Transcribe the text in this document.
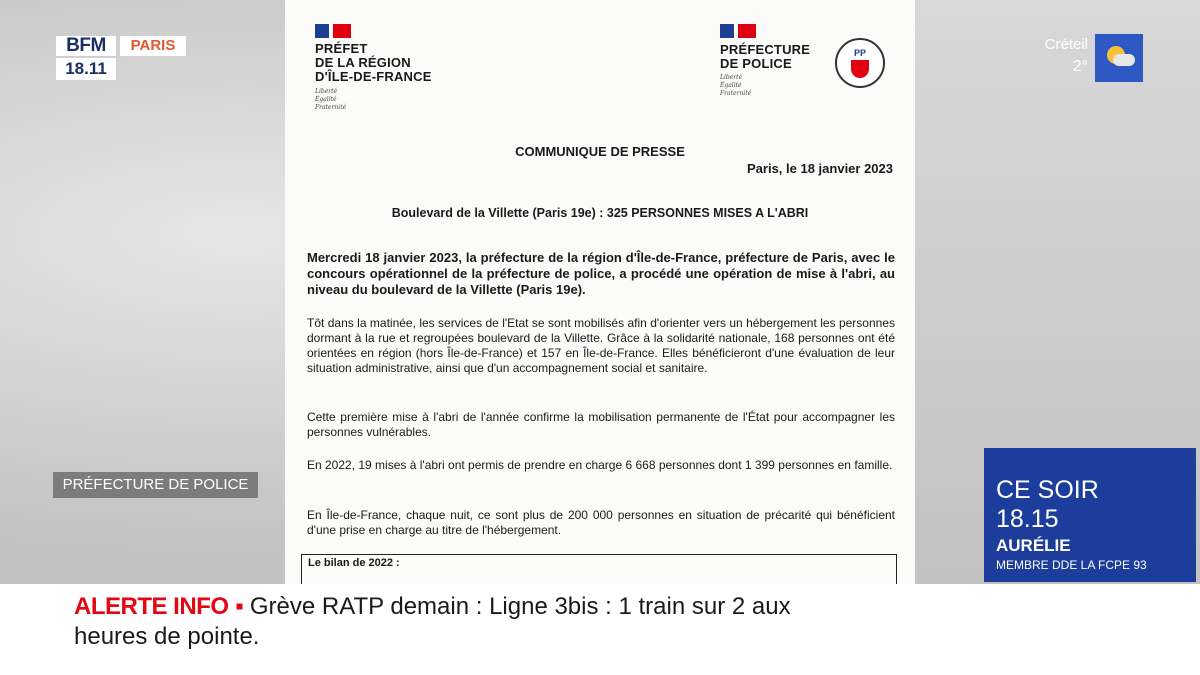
PRÉFET
DE LA RÉGION
D'ÎLE-DE-FRANCE
Liberté
Égalité
Fraternité
PRÉFECTURE
DE POLICE
Liberté
Égalité
Fraternité
PP
COMMUNIQUE DE PRESSE
Paris, le 18 janvier 2023
Boulevard de la Villette (Paris 19e) : 325 PERSONNES MISES A L'ABRI
Mercredi 18 janvier 2023, la préfecture de la région d'Île-de-France, préfecture de Paris, avec le concours opérationnel de la préfecture de police, a procédé une opération de mise à l'abri, au niveau du boulevard de la Villette (Paris 19e).
Tôt dans la matinée, les services de l'Etat se sont mobilisés afin d'orienter vers un hébergement les personnes dormant à la rue et regroupées boulevard de la Villette. Grâce à la solidarité nationale, 168 personnes ont été orientées en région (hors Île-de-France) et 157 en Île-de-France. Elles bénéficieront d'une évaluation de leur situation administrative, ainsi que d'un accompagnement social et sanitaire.
Cette première mise à l'abri de l'année confirme la mobilisation permanente de l'État pour accompagner les personnes vulnérables.
En 2022, 19 mises à l'abri ont permis de prendre en charge 6 668 personnes dont 1 399 personnes en famille.
En Île-de-France, chaque nuit, ce sont plus de 200 000 personnes en situation de précarité qui bénéficient d'une prise en charge au titre de l'hébergement.
Le bilan de 2022 :
BFM	PARIS
18.11
Créteil
2°
PRÉFECTURE DE POLICE	CE SOIR
18.15
AURÉLIE
MEMBRE DDE LA FCPE 93
ALERTE INFO ▪ Grève RATP demain : Ligne 3bis : 1 train sur 2 aux
heures de pointe.
